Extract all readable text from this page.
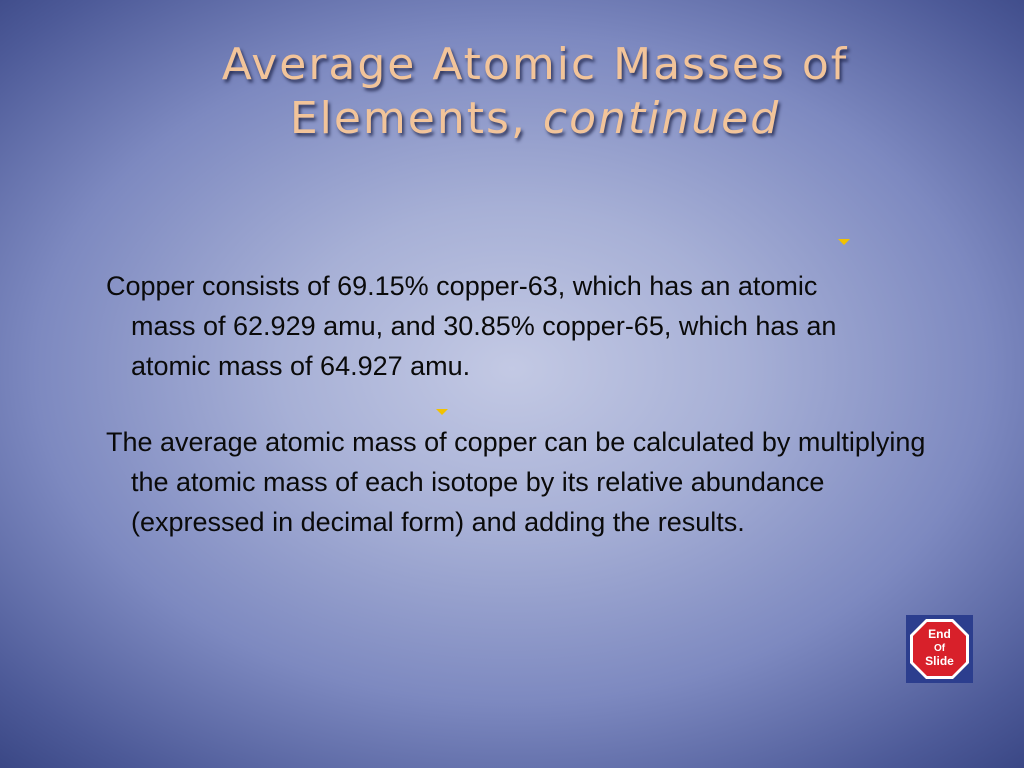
Average Atomic Masses of
Elements, continued

Copper consists of 69.15% copper-63, which has an atomic mass of 62.929 amu, and 30.85% copper-65, which has an atomic mass of 64.927 amu.

The average atomic mass of copper can be calculated by multiplying the atomic mass of each isotope by its relative abundance (expressed in decimal form) and adding the results.

End
Of
Slide
